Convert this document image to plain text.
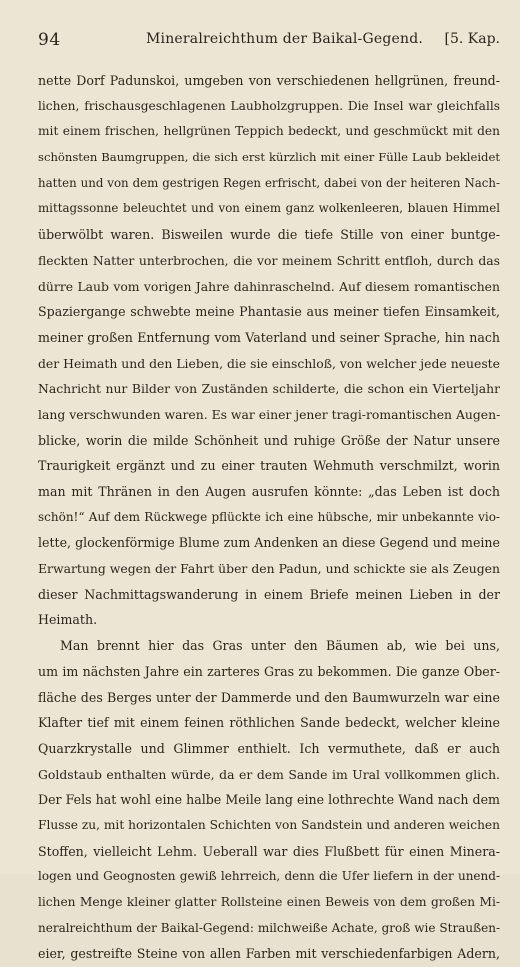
94	Mineralreichthum der Baikal-Gegend. [5. Kap.
nette Dorf Padunskoi, umgeben von verschiedenen hellgrünen, freund-
lichen, frischausgeschlagenen Laubholzgruppen. Die Insel war gleichfalls
mit einem frischen, hellgrünen Teppich bedeckt, und geschmückt mit den
schönsten Baumgruppen, die sich erst kürzlich mit einer Fülle Laub bekleidet
hatten und von dem gestrigen Regen erfrischt, dabei von der heiteren Nach-
mittagssonne beleuchtet und von einem ganz wolkenleeren, blauen Himmel
überwölbt waren. Bisweilen wurde die tiefe Stille von einer buntge-
fleckten Natter unterbrochen, die vor meinem Schritt entfloh, durch das
dürre Laub vom vorigen Jahre dahinraschelnd. Auf diesem romantischen
Spaziergange schwebte meine Phantasie aus meiner tiefen Einsamkeit,
meiner großen Entfernung vom Vaterland und seiner Sprache, hin nach
der Heimath und den Lieben, die sie einschloß, von welcher jede neueste
Nachricht nur Bilder von Zuständen schilderte, die schon ein Vierteljahr
lang verschwunden waren. Es war einer jener tragi-romantischen Augen-
blicke, worin die milde Schönheit und ruhige Größe der Natur unsere
Traurigkeit ergänzt und zu einer trauten Wehmuth verschmilzt, worin
man mit Thränen in den Augen ausrufen könnte: „das Leben ist doch
schön!“ Auf dem Rückwege pflückte ich eine hübsche, mir unbekannte vio-
lette, glockenförmige Blume zum Andenken an diese Gegend und meine
Erwartung wegen der Fahrt über den Padun, und schickte sie als Zeugen
dieser Nachmittagswanderung in einem Briefe meinen Lieben in der
Heimath.
Man brennt hier das Gras unter den Bäumen ab, wie bei uns,
um im nächsten Jahre ein zarteres Gras zu bekommen. Die ganze Ober-
fläche des Berges unter der Dammerde und den Baumwurzeln war eine
Klafter tief mit einem feinen röthlichen Sande bedeckt, welcher kleine
Quarzkrystalle und Glimmer enthielt. Ich vermuthete, daß er auch
Goldstaub enthalten würde, da er dem Sande im Ural vollkommen glich.
Der Fels hat wohl eine halbe Meile lang eine lothrechte Wand nach dem
Flusse zu, mit horizontalen Schichten von Sandstein und anderen weichen
Stoffen, vielleicht Lehm. Ueberall war dies Flußbett für einen Minera-
logen und Geognosten gewiß lehrreich, denn die Ufer liefern in der unend-
lichen Menge kleiner glatter Rollsteine einen Beweis von dem großen Mi-
neralreichthum der Baikal-Gegend: milchweiße Achate, groß wie Straußen-
eier, gestreifte Steine von allen Farben mit verschiedenfarbigen Adern,
